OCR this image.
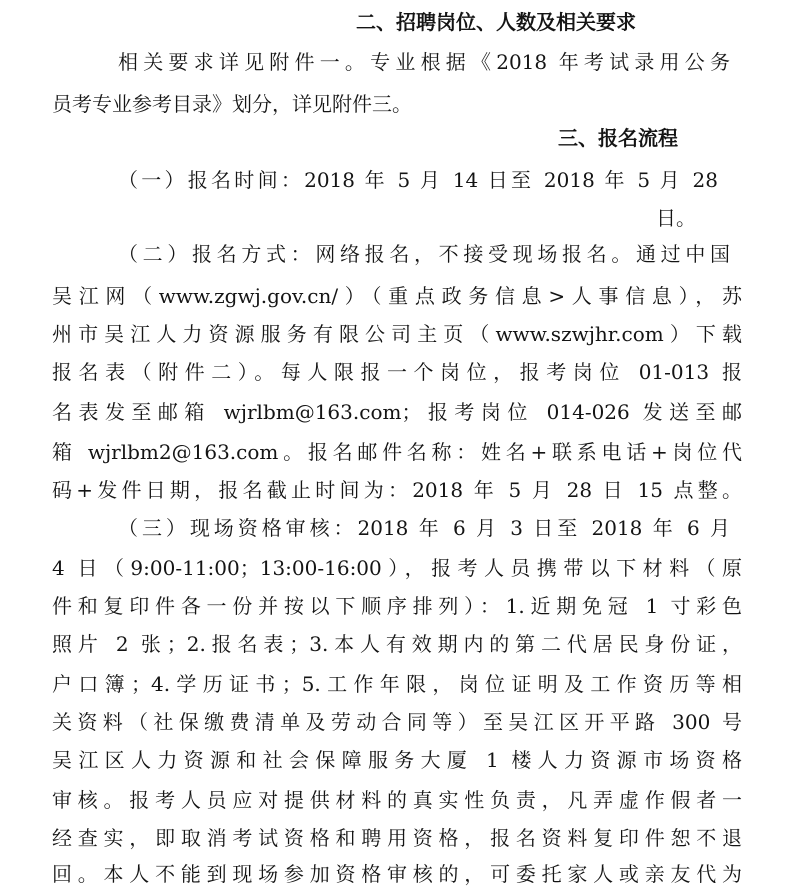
二、招聘岗位、人数及相关要求
相关要求详见附件一。专业根据《2018 年考试录用公务
员考专业参考目录》划分，详见附件三。
三、报名流程
（一）报名时间：2018 年 5 月 14 日至 2018 年 5 月 28
日。
（二）报名方式：网络报名，不接受现场报名。通过中国
吴江网（www.zgwj.gov.cn/）（重点政务信息>人事信息），苏
州市吴江人力资源服务有限公司主页（www.szwjhr.com）下载
报名表（附件二）。每人限报一个岗位，报考岗位 01-013 报
名表发至邮箱 wjrlbm@163.com；报考岗位 014-026 发送至邮
箱 wjrlbm2@163.com。报名邮件名称：姓名+联系电话+岗位代
码+发件日期，报名截止时间为：2018 年 5 月 28 日 15 点整。
（三）现场资格审核：2018 年 6 月 3 日至 2018 年 6 月
4 日（9:00-11:00；13:00-16:00），报考人员携带以下材料（原
件和复印件各一份并按以下顺序排列）：1.近期免冠 1 寸彩色
照片 2 张；2.报名表；3.本人有效期内的第二代居民身份证，
户口簿；4.学历证书；5.工作年限，岗位证明及工作资历等相
关资料（社保缴费清单及劳动合同等）至吴江区开平路 300 号
吴江区人力资源和社会保障服务大厦 1 楼人力资源市场资格
审核。报考人员应对提供材料的真实性负责，凡弄虚作假者一
经查实，即取消考试资格和聘用资格，报名资料复印件恕不退
回。本人不能到现场参加资格审核的，可委托家人或亲友代为
